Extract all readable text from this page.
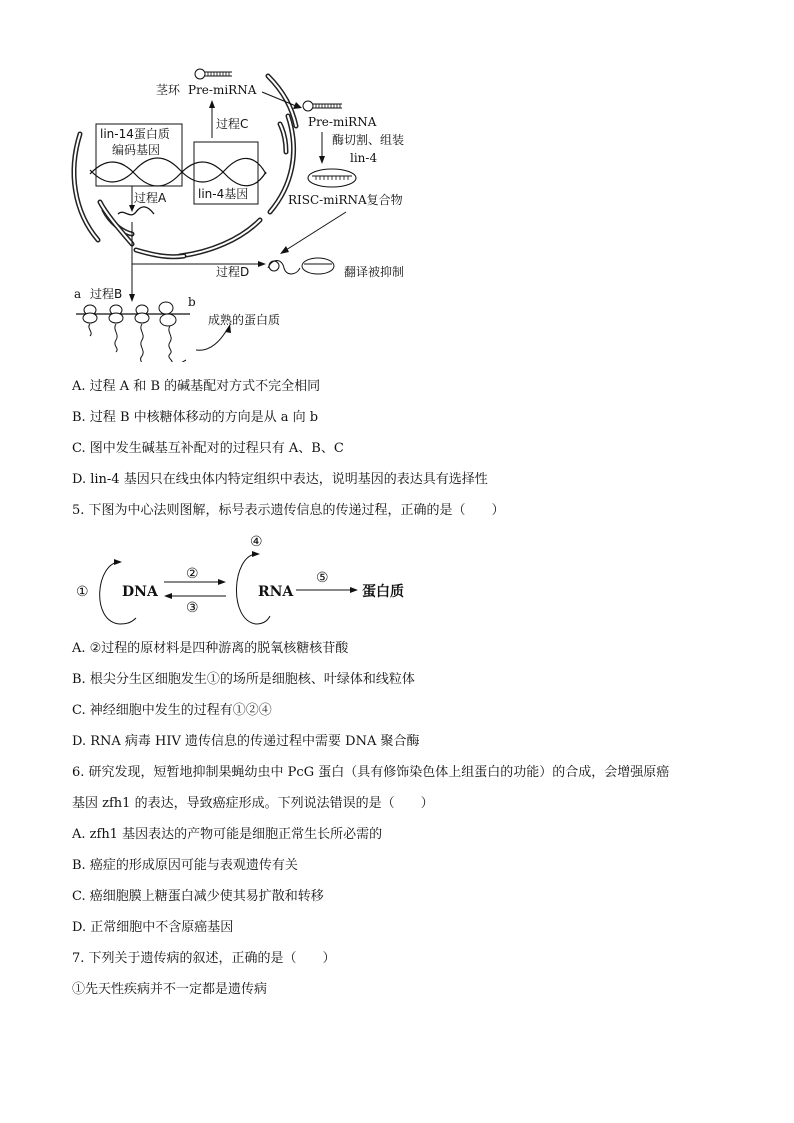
茎环 Pre-miRNA
过程C	Pre-miRNA
酶切割、组装
lin-4
RISC-miRNA复合物
过程A
lin-14蛋白质
编码基因
lin-4基因
过程D	翻译被抑制
a 过程B
b
成熟的蛋白质
A. 过程 A 和 B 的碱基配对方式不完全相同
B. 过程 B 中核糖体移动的方向是从 a 向 b
C. 图中发生碱基互补配对的过程只有 A、B、C
D. lin-4 基因只在线虫体内特定组织中表达，说明基因的表达具有选择性
5. 下图为中心法则图解，标号表示遗传信息的传递过程，正确的是（　　）
① DNA
②
③
④
RNA
⑤
蛋白质
A. ②过程的原材料是四种游离的脱氧核糖核苷酸
B. 根尖分生区细胞发生①的场所是细胞核、叶绿体和线粒体
C. 神经细胞中发生的过程有①②④
D. RNA 病毒 HIV 遗传信息的传递过程中需要 DNA 聚合酶
6. 研究发现，短暂地抑制果蝇幼虫中 PcG 蛋白（具有修饰染色体上组蛋白的功能）的合成，会增强原癌
基因 zfh1 的表达，导致癌症形成。下列说法错误的是（　　）
A. zfh1 基因表达的产物可能是细胞正常生长所必需的
B. 癌症的形成原因可能与表观遗传有关
C. 癌细胞膜上糖蛋白减少使其易扩散和转移
D. 正常细胞中不含原癌基因
7. 下列关于遗传病的叙述，正确的是（　　）
①先天性疾病并不一定都是遗传病
